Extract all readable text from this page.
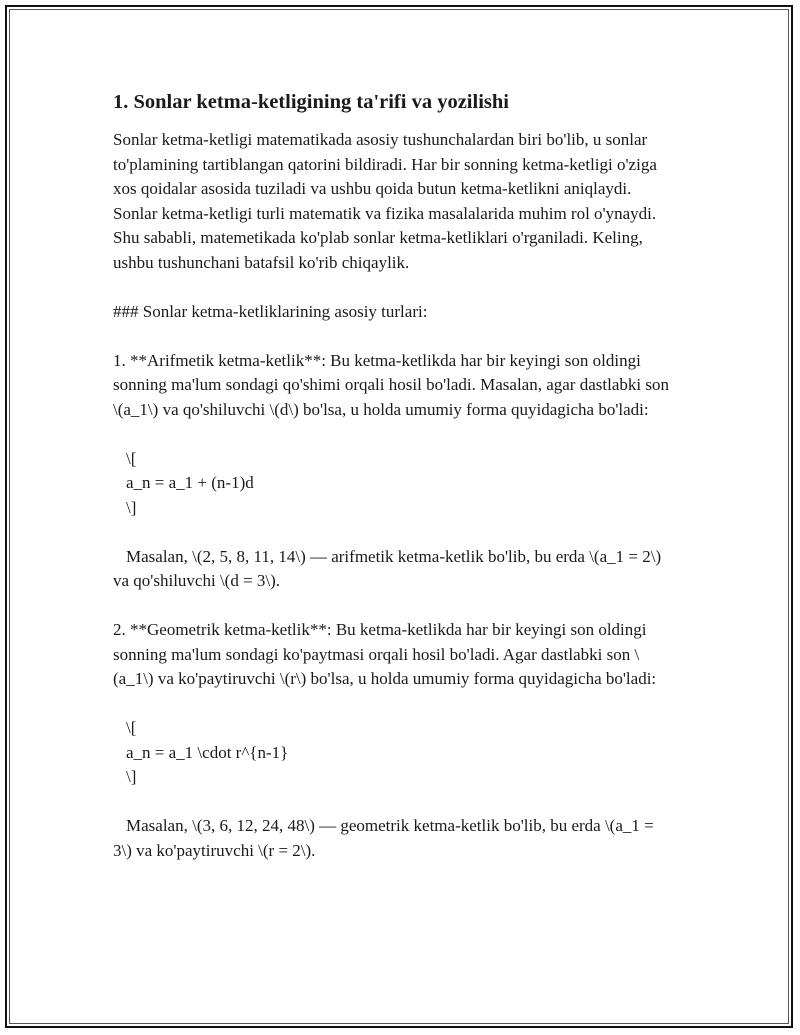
1. Sonlar ketma-ketligining ta'rifi va yozilishi

Sonlar ketma-ketligi matematikada asosiy tushunchalardan biri bo'lib, u sonlar to'plamining tartiblangan qatorini bildiradi. Har bir sonning ketma-ketligi o'ziga xos qoidalar asosida tuziladi va ushbu qoida butun ketma-ketlikni aniqlaydi. Sonlar ketma-ketligi turli matematik va fizika masalalarida muhim rol o'ynaydi. Shu sababli, matemetikada ko'plab sonlar ketma-ketliklari o'rganiladi. Keling, ushbu tushunchani batafsil ko'rib chiqaylik.

### Sonlar ketma-ketliklarining asosiy turlari:

1. **Arifmetik ketma-ketlik**: Bu ketma-ketlikda har bir keyingi son oldingi sonning ma'lum sondagi qo'shimi orqali hosil bo'ladi. Masalan, agar dastlabki son \(a_1\) va qo'shiluvchi \(d\) bo'lsa, u holda umumiy forma quyidagicha bo'ladi:

\[
a_n = a_1 + (n-1)d
\]

Masalan, \(2, 5, 8, 11, 14\) — arifmetik ketma-ketlik bo'lib, bu erda \(a_1 = 2\) va qo'shiluvchi \(d = 3\).

2. **Geometrik ketma-ketlik**: Bu ketma-ketlikda har bir keyingi son oldingi sonning ma'lum sondagi ko'paytmasi orqali hosil bo'ladi. Agar dastlabki son \(a_1\) va ko'paytiruvchi \(r\) bo'lsa, u holda umumiy forma quyidagicha bo'ladi:

\[
a_n = a_1 \cdot r^{n-1}
\]

Masalan, \(3, 6, 12, 24, 48\) — geometrik ketma-ketlik bo'lib, bu erda \(a_1 = 3\) va ko'paytiruvchi \(r = 2\).
